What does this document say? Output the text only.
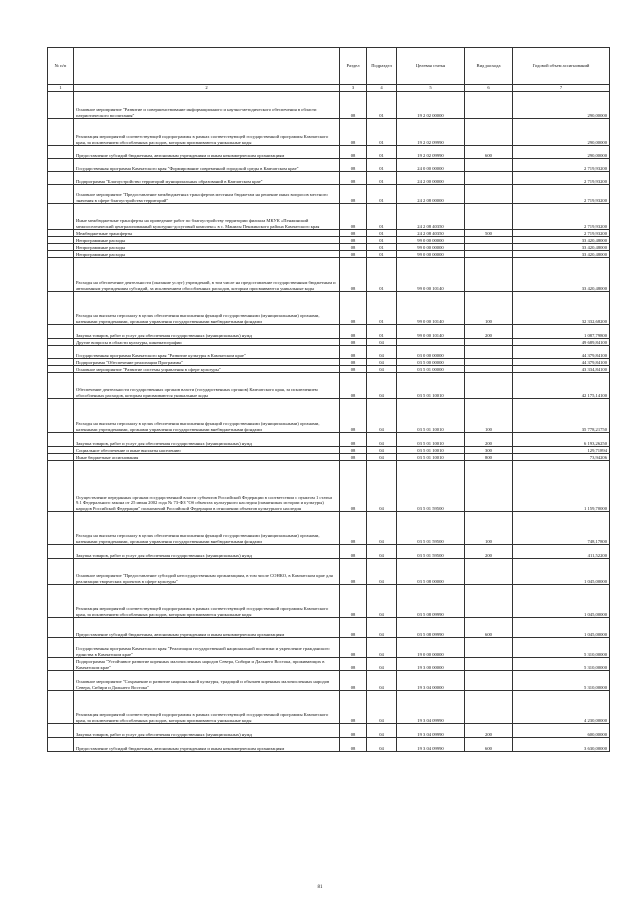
№ п/п		Раздел	Подраздел	Целевая статья	Вид расхода	Годовой объем ассигнований
1	2	3	4	5	6	7
	Основное мероприятие "Развитие и совершенствование информационного и научно-методического обеспечения в области патриотического воспитания"	08	01	19 2 02 00000		290,00000
	Реализация мероприятий соответствующей подпрограммы в рамках соответствующей государственной программы Камчатского края, за исключением обособленных расходов, которым присваиваются уникальные коды	08	01	19 2 02 09990		290,00000
	Предоставление субсидий бюджетным, автономным учреждениям и иным некоммерческим организациям	08	01	19 2 02 09990	600	290,00000
	Государственная программа Камчатского края "Формирование современной городской среды в Камчатском крае"	08	01	24 0 00 00000		2 719,93200
	Подпрограмма "Благоустройство территорий муниципальных образований в Камчатском крае"	08	01	24 2 00 00000		2 719,93200
	Основное мероприятие "Предоставление межбюджетных трансфертов местным бюджетам на решение иных вопросов местного значения в сфере благоустройства территорий"	08	01	24 2 08 00000		2 719,93200
	Иные межбюджетные трансферты на проведение работ по благоустройству территории филиала МКУК «Пенжинский межпоселенческий централизованный культурно-досуговый комплекс» в с. Манилы Пенжинского района Камчатского края	08	01	24 2 08 40350		2 719,93200
	Межбюджетные трансферты	08	01	24 2 08 40350	500	2 719,93200
	Непрограммные расходы	08	01	99 0 00 00000		33 420,48000
	Непрограммные расходы	08	01	99 0 00 00000		33 420,48000
	Непрограммные расходы	08	01	99 0 00 00000		33 420,48000
	Расходы на обеспечение деятельности (оказание услуг) учреждений, в том числе на предоставление государственным бюджетным и автономным учреждениям субсидий, за исключением обособленных расходов, которым присваиваются уникальные коды	08	01	99 0 00 10140		33 420,48000
	Расходы на выплаты персоналу в целях обеспечения выполнения функций государственными (муниципальными) органами, казенными учреждениями, органами управления государственными внебюджетными фондами	08	01	99 0 00 10140	100	32 332,68200
	Закупка товаров, работ и услуг для обеспечения государственных (муниципальных) нужд	08	01	99 0 00 10140	200	1 087,79800
	Другие вопросы в области культуры, кинематографии	08	04			49 689,84100
	Государственная программа Камчатского края "Развитие культуры в Камчатском крае"	08	04	03 0 00 00000		44 379,84100
	Подпрограмма "Обеспечение реализации Программы"	08	04	03 5 00 00000		44 379,84100
	Основное мероприятие "Развитие системы управления в сфере культуры"	08	04	03 5 01 00000		43 334,84100
	Обеспечение деятельности государственных органов власти (государственных органов) Камчатского края, за исключением обособленных расходов, которым присваиваются уникальные коды	08	04	03 5 01 10010		42 175,14100
	Расходы на выплаты персоналу в целях обеспечения выполнения функций государственными (муниципальными) органами, казенными учреждениями, органами управления государственными внебюджетными фондами	08	04	03 5 01 10010	100	35 778,21750
	Закупка товаров, работ и услуг для обеспечения государственных (муниципальных) нужд	08	04	03 5 01 10010	200	6 193,26250
	Социальное обеспечение и иные выплаты населению	08	04	03 5 01 10010	300	129,71894
	Иные бюджетные ассигнования	08	04	03 5 01 10010	800	73,94206
	Осуществление переданных органам государственной власти субъектов Российской Федерации в соответствии с пунктом 1 статьи 9.1 Федерального закона от 25 июня 2002 года № 73-ФЗ "Об объектах культурного наследия (памятниках истории и культуры) народов Российской Федерации" полномочий Российской Федерации в отношении объектов культурного наследия	08	04	03 5 01 59500		1 159,70000
	Расходы на выплаты персоналу в целях обеспечения выполнения функций государственными (муниципальными) органами, казенными учреждениями, органами управления государственными внебюджетными фондами	08	04	03 5 01 59500	100	748,17800
	Закупка товаров, работ и услуг для обеспечения государственных (муниципальных) нужд	08	04	03 5 01 59500	200	411,52200
	Основное мероприятие "Предоставление субсидий негосударственным организациям, в том числе СОНКО, в Камчатском крае для реализации творческих проектов в сфере культуры"	08	04	03 5 08 00000		1 045,00000
	Реализация мероприятий соответствующей подпрограммы в рамках соответствующей государственной программы Камчатского края, за исключением обособленных расходов, которым присваиваются уникальные коды	08	04	03 5 08 09990		1 045,00000
	Предоставление субсидий бюджетным, автономным учреждениям и иным некоммерческим организациям	08	04	03 5 08 09990	600	1 045,00000
	Государственная программа Камчатского края "Реализация государственной национальной политики и укрепление гражданского единства в Камчатском крае"	08	04	19 0 00 00000		5 310,00000
	Подпрограмма "Устойчивое развитие коренных малочисленных народов Севера, Сибири и Дальнего Востока, проживающих в Камчатском крае"	08	04	19 3 00 00000		5 310,00000
	Основное мероприятие "Сохранение и развитие национальной культуры, традиций и обычаев коренных малочисленных народов Севера, Сибири и Дальнего Востока"	08	04	19 3 04 00000		5 310,00000
	Реализация мероприятий соответствующей подпрограммы в рамках соответствующей государственной программы Камчатского края, за исключением обособленных расходов, которым присваиваются уникальные коды	08	04	19 3 04 09990		4 230,00000
	Закупка товаров, работ и услуг для обеспечения государственных (муниципальных) нужд	08	04	19 3 04 09990	200	600,00000
	Предоставление субсидий бюджетным, автономным учреждениям и иным некоммерческим организациям	08	04	19 3 04 09990	600	3 630,00000
81
